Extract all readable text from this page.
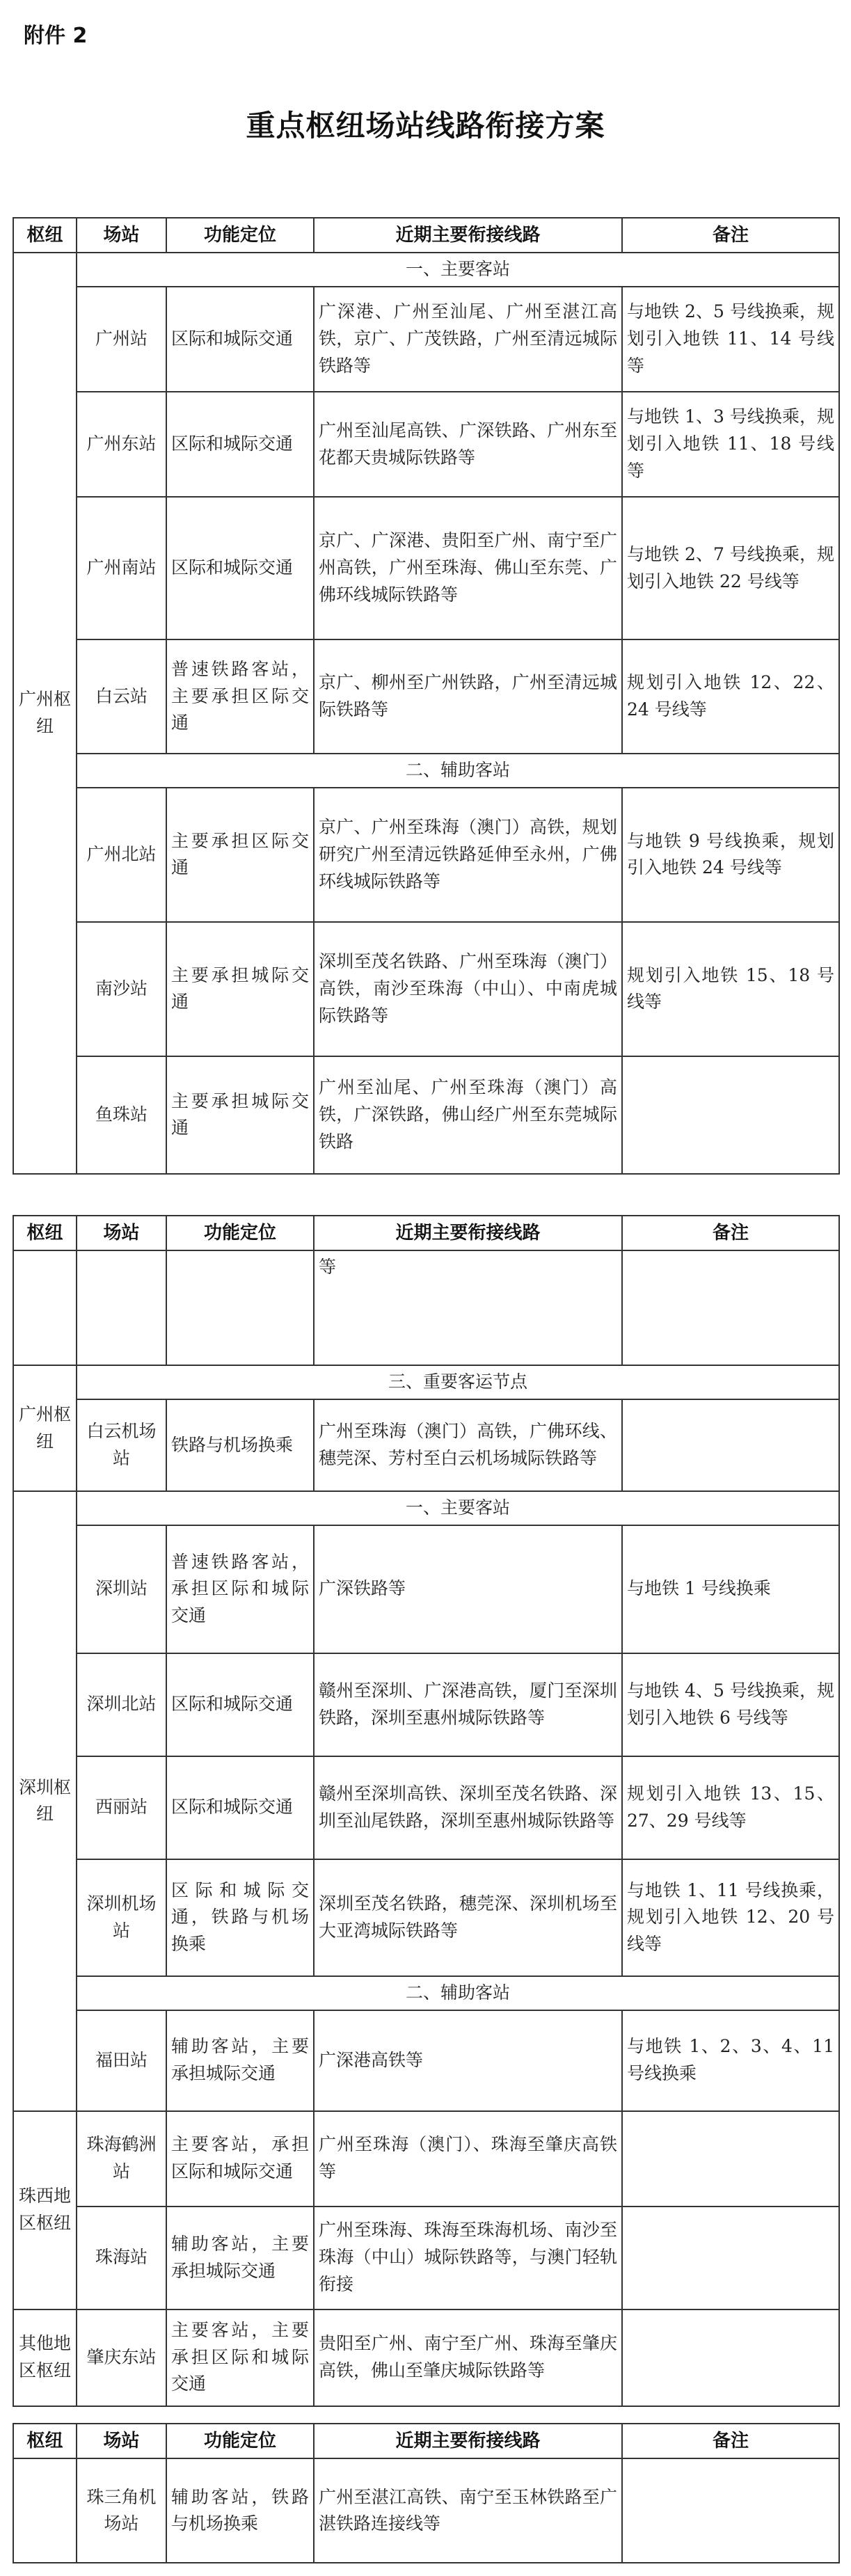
附件 2
重点枢纽场站线路衔接方案
枢纽	场站	功能定位	近期主要衔接线路	备注
广州枢纽	一、主要客站			
	广州站	区际和城际交通	广深港、广州至汕尾、广州至湛江高铁，京广、广茂铁路，广州至清远城际铁路等	与地铁 2、5 号线换乘，规划引入地铁 11、14 号线等
	广州东站	区际和城际交通	广州至汕尾高铁、广深铁路、广州东至花都天贵城际铁路等	与地铁 1、3 号线换乘，规划引入地铁 11、18 号线等
	广州南站	区际和城际交通	京广、广深港、贵阳至广州、南宁至广州高铁，广州至珠海、佛山至东莞、广佛环线城际铁路等	与地铁 2、7 号线换乘，规划引入地铁 22 号线等
	白云站	普速铁路客站，主要承担区际交通	京广、柳州至广州铁路，广州至清远城际铁路等	规划引入地铁 12、22、24 号线等
	二、辅助客站			
	广州北站	主要承担区际交通	京广、广州至珠海（澳门）高铁，规划研究广州至清远铁路延伸至永州，广佛环线城际铁路等	与地铁 9 号线换乘，规划引入地铁 24 号线等
	南沙站	主要承担城际交通	深圳至茂名铁路、广州至珠海（澳门）高铁，南沙至珠海（中山）、中南虎城际铁路等	规划引入地铁 15、18 号线等
	鱼珠站	主要承担城际交通	广州至汕尾、广州至珠海（澳门）高铁，广深铁路，佛山经广州至东莞城际铁路	
枢纽	场站	功能定位	近期主要衔接线路	备注
			等	
广州枢纽	三、重要客运节点			
	白云机场站	铁路与机场换乘	广州至珠海（澳门）高铁，广佛环线、穗莞深、芳村至白云机场城际铁路等	
深圳枢纽	一、主要客站			
	深圳站	普速铁路客站，承担区际和城际交通	广深铁路等	与地铁 1 号线换乘
	深圳北站	区际和城际交通	赣州至深圳、广深港高铁，厦门至深圳铁路，深圳至惠州城际铁路等	与地铁 4、5 号线换乘，规划引入地铁 6 号线等
	西丽站	区际和城际交通	赣州至深圳高铁、深圳至茂名铁路、深圳至汕尾铁路，深圳至惠州城际铁路等	规划引入地铁 13、15、27、29 号线等
	深圳机场站	区际和城际交通，铁路与机场换乘	深圳至茂名铁路，穗莞深、深圳机场至大亚湾城际铁路等	与地铁 1、11 号线换乘，规划引入地铁 12、20 号线等
	二、辅助客站			
	福田站	辅助客站，主要承担城际交通	广深港高铁等	与地铁 1、2、3、4、11 号线换乘
珠西地区枢纽	珠海鹤洲站	主要客站，承担区际和城际交通	广州至珠海（澳门）、珠海至肇庆高铁等	
	珠海站	辅助客站，主要承担城际交通	广州至珠海、珠海至珠海机场、南沙至珠海（中山）城际铁路等，与澳门轻轨衔接	
其他地区枢纽	肇庆东站	主要客站，主要承担区际和城际交通	贵阳至广州、南宁至广州、珠海至肇庆高铁，佛山至肇庆城际铁路等	
枢纽	场站	功能定位	近期主要衔接线路	备注
	珠三角机场站	辅助客站，铁路与机场换乘	广州至湛江高铁、南宁至玉林铁路至广湛铁路连接线等	
